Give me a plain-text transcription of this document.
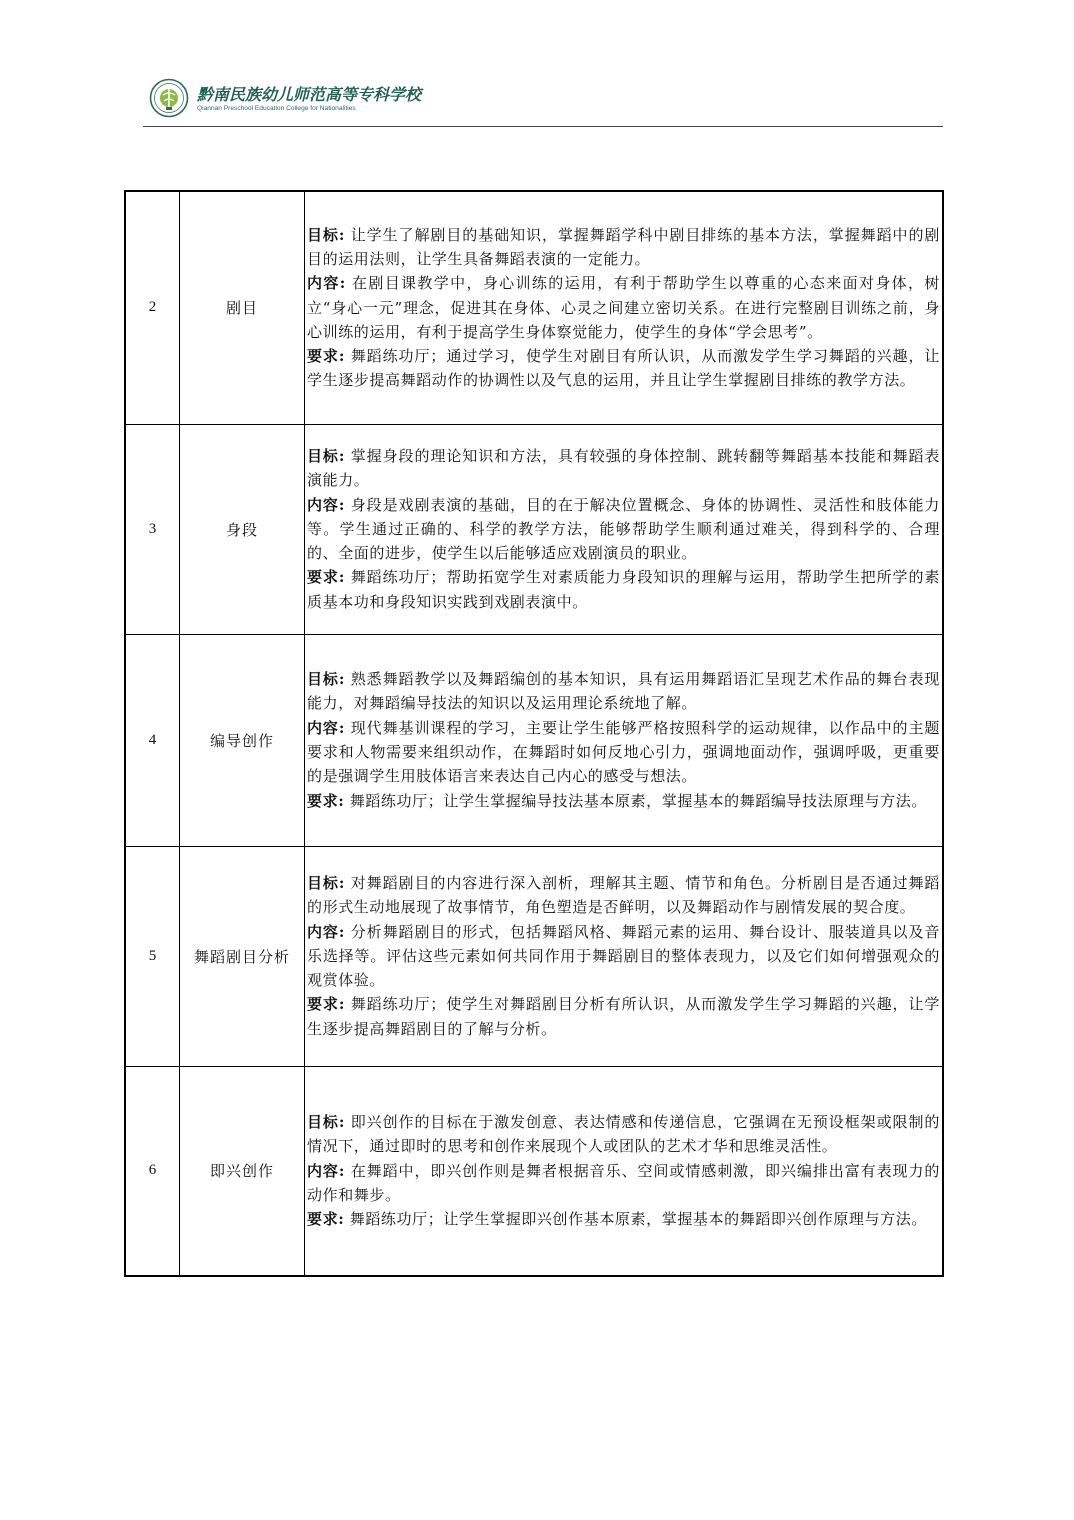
黔南民族幼儿师范高等专科学校
Qiannan Preschool Education College for Nationalities
2	剧目	目标: 让学生了解剧目的基础知识，掌握舞蹈学科中剧目排练的基本方法，掌握舞蹈中的剧目的运用法则，让学生具备舞蹈表演的一定能力。

内容: 在剧目课教学中，身心训练的运用，有利于帮助学生以尊重的心态来面对身体，树立“身心一元”理念，促进其在身体、心灵之间建立密切关系。在进行完整剧目训练之前，身心训练的运用，有利于提高学生身体察觉能力，使学生的身体“学会思考”。

要求: 舞蹈练功厅；通过学习，使学生对剧目有所认识，从而激发学生学习舞蹈的兴趣，让学生逐步提高舞蹈动作的协调性以及气息的运用，并且让学生掌握剧目排练的教学方法。

3	身段	目标: 掌握身段的理论知识和方法，具有较强的身体控制、跳转翻等舞蹈基本技能和舞蹈表演能力。

内容: 身段是戏剧表演的基础，目的在于解决位置概念、身体的协调性、灵活性和肢体能力等。学生通过正确的、科学的教学方法，能够帮助学生顺利通过难关，得到科学的、合理的、全面的进步，使学生以后能够适应戏剧演员的职业。

要求: 舞蹈练功厅；帮助拓宽学生对素质能力身段知识的理解与运用，帮助学生把所学的素质基本功和身段知识实践到戏剧表演中。

4	编导创作	目标: 熟悉舞蹈教学以及舞蹈编创的基本知识，具有运用舞蹈语汇呈现艺术作品的舞台表现能力，对舞蹈编导技法的知识以及运用理论系统地了解。

内容: 现代舞基训课程的学习，主要让学生能够严格按照科学的运动规律，以作品中的主题要求和人物需要来组织动作，在舞蹈时如何反地心引力，强调地面动作，强调呼吸，更重要的是强调学生用肢体语言来表达自己内心的感受与想法。

要求: 舞蹈练功厅；让学生掌握编导技法基本原素，掌握基本的舞蹈编导技法原理与方法。

5	舞蹈剧目分析	目标: 对舞蹈剧目的内容进行深入剖析，理解其主题、情节和角色。分析剧目是否通过舞蹈的形式生动地展现了故事情节，角色塑造是否鲜明，以及舞蹈动作与剧情发展的契合度。

内容: 分析舞蹈剧目的形式，包括舞蹈风格、舞蹈元素的运用、舞台设计、服装道具以及音乐选择等。评估这些元素如何共同作用于舞蹈剧目的整体表现力，以及它们如何增强观众的观赏体验。

要求: 舞蹈练功厅；使学生对舞蹈剧目分析有所认识，从而激发学生学习舞蹈的兴趣，让学生逐步提高舞蹈剧目的了解与分析。

6	即兴创作	目标: 即兴创作的目标在于激发创意、表达情感和传递信息，它强调在无预设框架或限制的情况下，通过即时的思考和创作来展现个人或团队的艺术才华和思维灵活性。

内容: 在舞蹈中，即兴创作则是舞者根据音乐、空间或情感刺激，即兴编排出富有表现力的动作和舞步。

要求: 舞蹈练功厅；让学生掌握即兴创作基本原素，掌握基本的舞蹈即兴创作原理与方法。
